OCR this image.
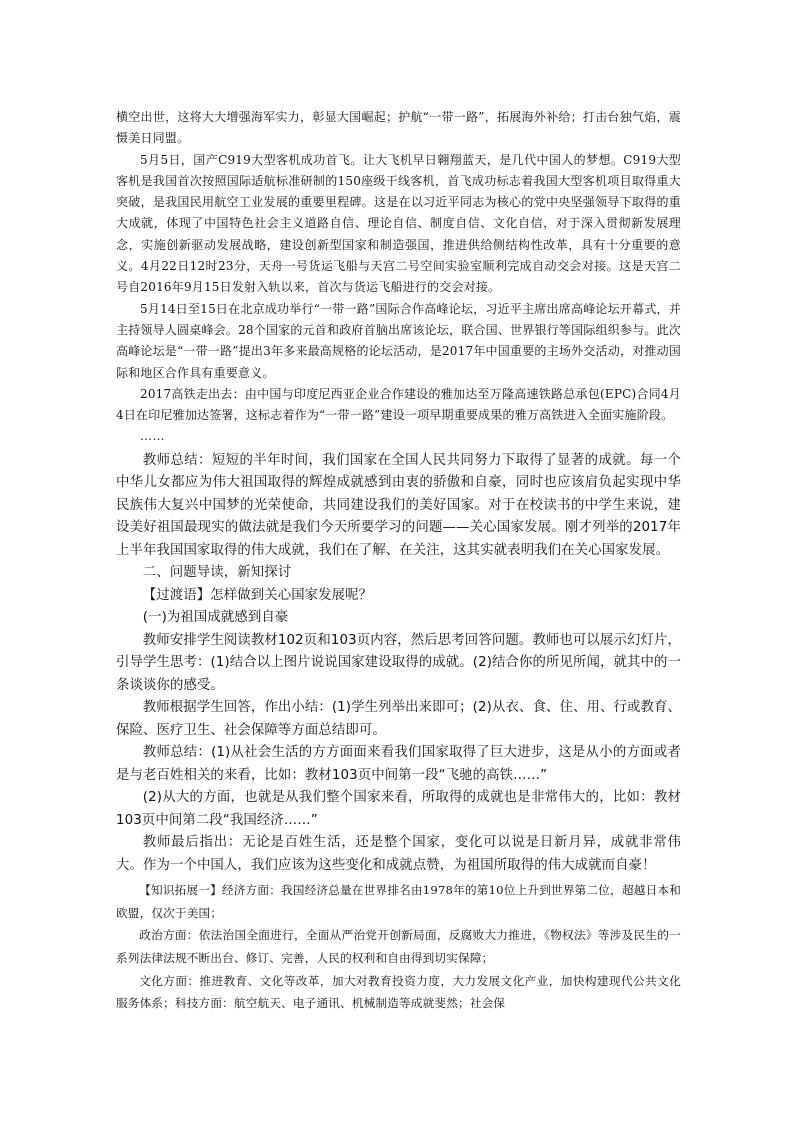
横空出世，这将大大增强海军实力，彰显大国崛起；护航“一带一路”，拓展海外补给；打击台独气焰，震慑美日同盟。

5月5日，国产C919大型客机成功首飞。让大飞机早日翱翔蓝天，是几代中国人的梦想。C919大型客机是我国首次按照国际适航标准研制的150座级干线客机，首飞成功标志着我国大型客机项目取得重大突破，是我国民用航空工业发展的重要里程碑。这是在以习近平同志为核心的党中央坚强领导下取得的重大成就，体现了中国特色社会主义道路自信、理论自信、制度自信、文化自信，对于深入贯彻新发展理念，实施创新驱动发展战略，建设创新型国家和制造强国，推进供给侧结构性改革，具有十分重要的意义。4月22日12时23分，天舟一号货运飞船与天宫二号空间实验室顺利完成自动交会对接。这是天宫二号自2016年9月15日发射入轨以来，首次与货运飞船进行的交会对接。

5月14日至15日在北京成功举行“一带一路”国际合作高峰论坛，习近平主席出席高峰论坛开幕式，并主持领导人圆桌峰会。28个国家的元首和政府首脑出席该论坛，联合国、世界银行等国际组织参与。此次高峰论坛是“一带一路”提出3年多来最高规格的论坛活动，是2017年中国重要的主场外交活动，对推动国际和地区合作具有重要意义。

2017高铁走出去：由中国与印度尼西亚企业合作建设的雅加达至万隆高速铁路总承包(EPC)合同4月4日在印尼雅加达签署，这标志着作为“一带一路”建设一项早期重要成果的雅万高铁进入全面实施阶段。

……

教师总结：短短的半年时间，我们国家在全国人民共同努力下取得了显著的成就。每一个中华儿女都应为伟大祖国取得的辉煌成就感到由衷的骄傲和自豪，同时也应该肩负起实现中华民族伟大复兴中国梦的光荣使命，共同建设我们的美好国家。对于在校读书的中学生来说，建设美好祖国最现实的做法就是我们今天所要学习的问题——关心国家发展。刚才列举的2017年上半年我国国家取得的伟大成就，我们在了解、在关注，这其实就表明我们在关心国家发展。

二、问题导读，新知探讨

【过渡语】怎样做到关心国家发展呢？

(一)为祖国成就感到自豪

教师安排学生阅读教材102页和103页内容，然后思考回答问题。教师也可以展示幻灯片，引导学生思考：(1)结合以上图片说说国家建设取得的成就。(2)结合你的所见所闻，就其中的一条谈谈你的感受。

教师根据学生回答，作出小结：(1)学生列举出来即可；(2)从衣、食、住、用、行或教育、保险、医疗卫生、社会保障等方面总结即可。

教师总结：(1)从社会生活的方方面面来看我们国家取得了巨大进步，这是从小的方面或者是与老百姓相关的来看，比如：教材103页中间第一段“飞驰的高铁……”

(2)从大的方面，也就是从我们整个国家来看，所取得的成就也是非常伟大的，比如：教材103页中间第二段“我国经济……”

教师最后指出：无论是百姓生活，还是整个国家，变化可以说是日新月异，成就非常伟大。作为一个中国人，我们应该为这些变化和成就点赞，为祖国所取得的伟大成就而自豪！

【知识拓展一】经济方面：我国经济总量在世界排名由1978年的第10位上升到世界第二位，超越日本和欧盟，仅次于美国；

政治方面：依法治国全面进行，全面从严治党开创新局面，反腐败大力推进，《物权法》等涉及民生的一系列法律法规不断出台、修订、完善，人民的权利和自由得到切实保障；

文化方面：推进教育、文化等改革，加大对教育投资力度，大力发展文化产业，加快构建现代公共文化服务体系；科技方面：航空航天、电子通讯、机械制造等成就斐然；社会保
